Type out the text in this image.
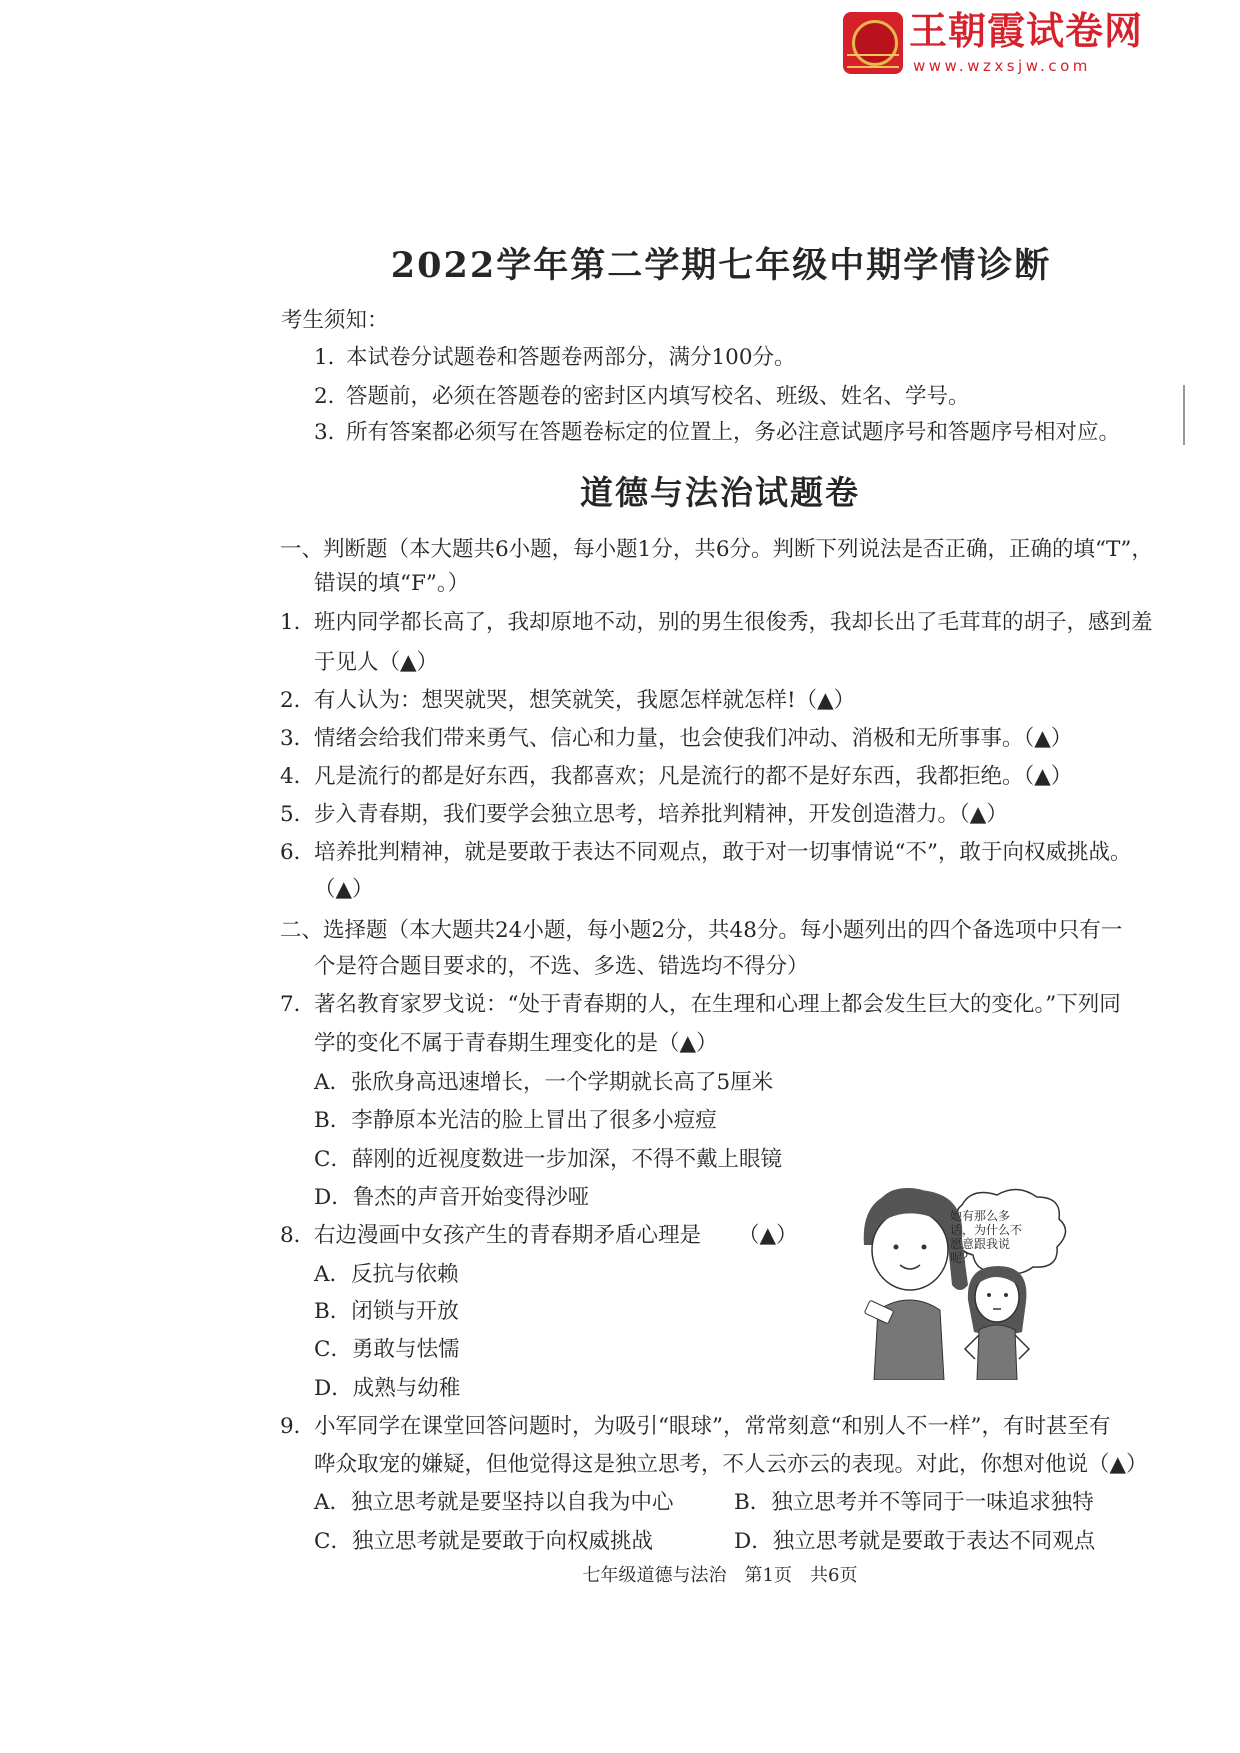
王朝霞试卷网
www.wzxsjw.com
2022学年第二学期七年级中期学情诊断
考生须知：
1．
本试卷分试题卷和答题卷两部分，满分100分。
2．
答题前，必须在答题卷的密封区内填写校名、班级、姓名、学号。
3．
所有答案都必须写在答题卷标定的位置上，务必注意试题序号和答题序号相对应。
道德与法治试题卷
一、判断题（本大题共6小题，每小题1分，共6分。判断下列说法是否正确，正确的填“T”，
错误的填“F”。）
1．
班内同学都长高了，我却原地不动，别的男生很俊秀，我却长出了毛茸茸的胡子，感到羞
于见人（▲）
2．
有人认为：想哭就哭，想笑就笑，我愿怎样就怎样!（▲）
3．
情绪会给我们带来勇气、信心和力量，也会使我们冲动、消极和无所事事。（▲）
4．
凡是流行的都是好东西，我都喜欢；凡是流行的都不是好东西，我都拒绝。（▲）
5．
步入青春期，我们要学会独立思考，培养批判精神，开发创造潜力。（▲）
6．
培养批判精神，就是要敢于表达不同观点，敢于对一切事情说“不”，敢于向权威挑战。
（▲）
二、选择题（本大题共24小题，每小题2分，共48分。每小题列出的四个备选项中只有一
个是符合题目要求的，不选、多选、错选均不得分）
7．
著名教育家罗戈说：“处于青春期的人，在生理和心理上都会发生巨大的变化。”下列同
学的变化不属于青春期生理变化的是（▲）
A．张欣身高迅速增长，一个学期就长高了5厘米
B．李静原本光洁的脸上冒出了很多小痘痘
C．薛刚的近视度数进一步加深，不得不戴上眼镜
D．鲁杰的声音开始变得沙哑
8．
右边漫画中女孩产生的青春期矛盾心理是 （▲）
A．反抗与依赖
B．闭锁与开放
C．勇敢与怯懦
D．成熟与幼稚
她有那么多话，为什么不愿意跟我说呢？
9．
小军同学在课堂回答问题时，为吸引“眼球”，常常刻意“和别人不一样”，有时甚至有
哗众取宠的嫌疑，但他觉得这是独立思考，不人云亦云的表现。对此，你想对他说（▲）
A．独立思考就是要坚持以自我为中心	B．独立思考并不等同于一味追求独特
C．独立思考就是要敢于向权威挑战	D．独立思考就是要敢于表达不同观点
七年级道德与法治　第1页　共6页
